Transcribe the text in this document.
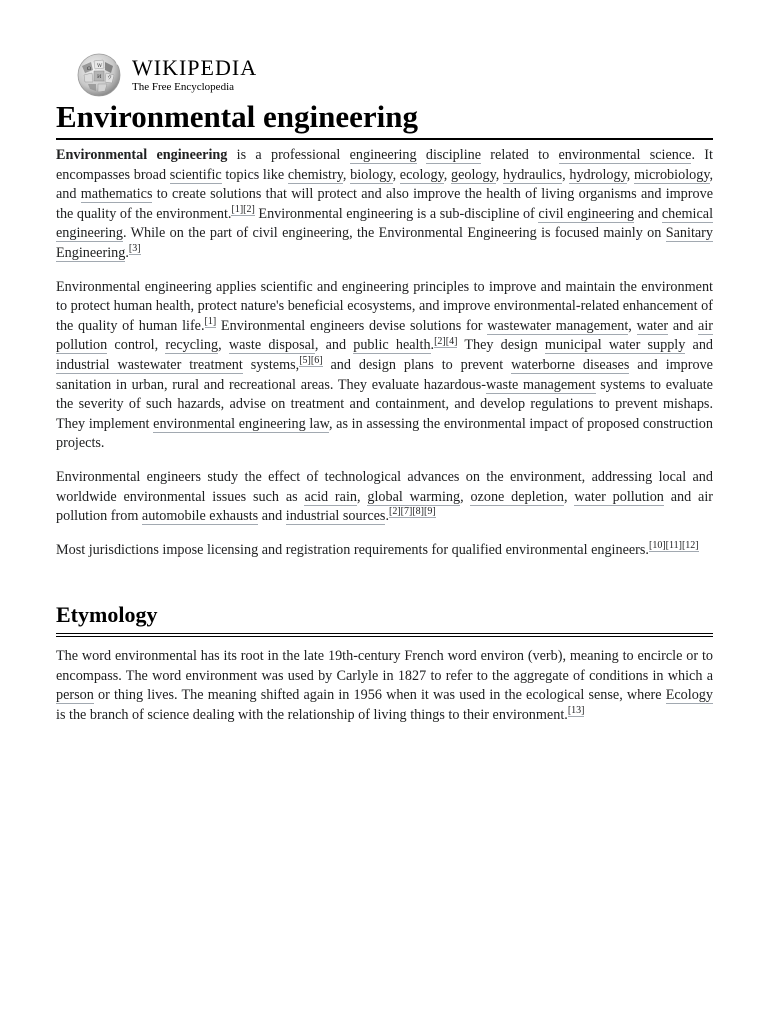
Ω W
И ウ WIKIPEDIA
The Free Encyclopedia
Environmental engineering

Environmental engineering is a professional engineering discipline related to environmental science. It encompasses broad scientific topics like chemistry, biology, ecology, geology, hydraulics, hydrology, microbiology, and mathematics to create solutions that will protect and also improve the health of living organisms and improve the quality of the environment.[1][2] Environmental engineering is a sub-discipline of civil engineering and chemical engineering. While on the part of civil engineering, the Environmental Engineering is focused mainly on Sanitary Engineering.[3]

Environmental engineering applies scientific and engineering principles to improve and maintain the environment to protect human health, protect nature's beneficial ecosystems, and improve environmental-related enhancement of the quality of human life.[1] Environmental engineers devise solutions for wastewater management, water and air pollution control, recycling, waste disposal, and public health.[2][4] They design municipal water supply and industrial wastewater treatment systems,[5][6] and design plans to prevent waterborne diseases and improve sanitation in urban, rural and recreational areas. They evaluate hazardous-waste management systems to evaluate the severity of such hazards, advise on treatment and containment, and develop regulations to prevent mishaps. They implement environmental engineering law, as in assessing the environmental impact of proposed construction projects.

Environmental engineers study the effect of technological advances on the environment, addressing local and worldwide environmental issues such as acid rain, global warming, ozone depletion, water pollution and air pollution from automobile exhausts and industrial sources.[2][7][8][9]

Most jurisdictions impose licensing and registration requirements for qualified environmental engineers.[10][11][12]

Etymology

The word environmental has its root in the late 19th-century French word environ (verb), meaning to encircle or to encompass. The word environment was used by Carlyle in 1827 to refer to the aggregate of conditions in which a person or thing lives. The meaning shifted again in 1956 when it was used in the ecological sense, where Ecology is the branch of science dealing with the relationship of living things to their environment.[13]
